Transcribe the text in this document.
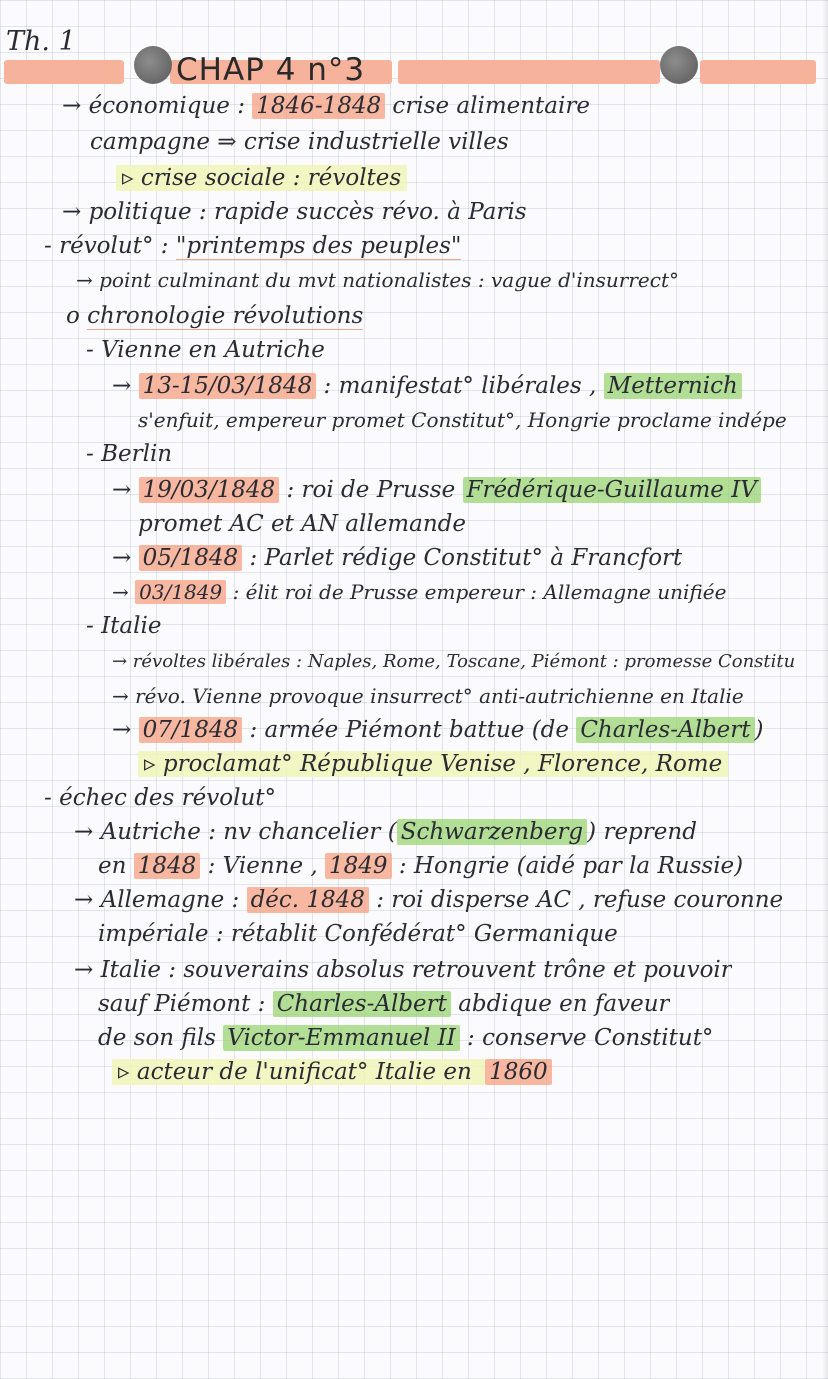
Th. 1
CHAP 4 n°3
→ économique : 1846-1848 crise alimentaire
campagne ⇒ crise industrielle villes
▹ crise sociale : révoltes
→ politique : rapide succès révo. à Paris
- révolut° : "printemps des peuples"
→ point culminant du mvt nationalistes : vague d'insurrect°
o chronologie révolutions
- Vienne en Autriche
→ 13-15/03/1848 : manifestat° libérales , Metternich
s'enfuit, empereur promet Constitut°, Hongrie proclame indépe
- Berlin
→ 19/03/1848 : roi de Prusse Frédérique-Guillaume IV
promet AC et AN allemande
→ 05/1848 : Parlet rédige Constitut° à Francfort
→ 03/1849 : élit roi de Prusse empereur : Allemagne unifiée
- Italie
→ révoltes libérales : Naples, Rome, Toscane, Piémont : promesse Constitu
→ révo. Vienne provoque insurrect° anti-autrichienne en Italie
→ 07/1848 : armée Piémont battue (de Charles-Albert )
▹ proclamat° République Venise , Florence, Rome
- échec des révolut°
→ Autriche : nv chancelier ( Schwarzenberg ) reprend
en 1848 : Vienne , 1849 : Hongrie (aidé par la Russie)
→ Allemagne : déc. 1848 : roi disperse AC , refuse couronne
impériale : rétablit Confédérat° Germanique
→ Italie : souverains absolus retrouvent trône et pouvoir
sauf Piémont : Charles-Albert abdique en faveur
de son fils Victor-Emmanuel II : conserve Constitut°
▹ acteur de l'unificat° Italie en 1860
